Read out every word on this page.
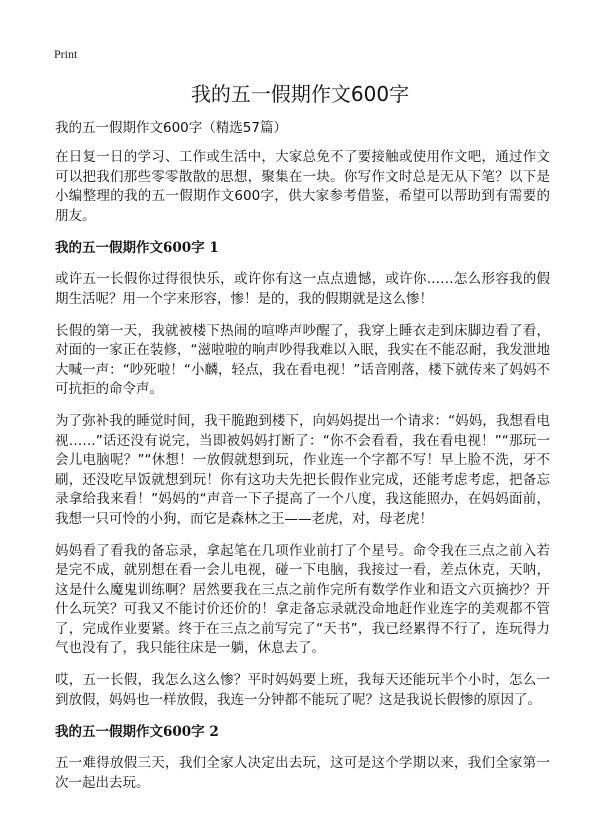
Print
我的五一假期作文600字
我的五一假期作文600字（精选57篇）

在日复一日的学习、工作或生活中，大家总免不了要接触或使用作文吧，通过作文可以把我们那些零零散散的思想，聚集在一块。你写作文时总是无从下笔？以下是小编整理的我的五一假期作文600字，供大家参考借鉴，希望可以帮助到有需要的朋友。

我的五一假期作文600字 1

或许五一长假你过得很快乐，或许你有这一点点遗憾，或许你……怎么形容我的假期生活呢？用一个字来形容，惨！是的，我的假期就是这么惨！

长假的第一天，我就被楼下热闹的喧哗声吵醒了，我穿上睡衣走到床脚边看了看，对面的一家正在装修，“滋啦啦的响声吵得我难以入眠，我实在不能忍耐，我发泄地大喊一声：“吵死啦！“小麟，轻点，我在看电视！”话音刚落，楼下就传来了妈妈不可抗拒的命令声。

为了弥补我的睡觉时间，我干脆跑到楼下，向妈妈提出一个请求：“妈妈，我想看电视……”话还没有说完，当即被妈妈打断了：“你不会看看，我在看电视！”“那玩一会儿电脑呢？”“休想！一放假就想到玩，作业连一个字都不写！早上脸不洗，牙不刷，还没吃早饭就想到玩！你有这功夫先把长假作业完成，还能考虑考虑，把备忘录拿给我来看！”妈妈的“声音一下子提高了一个八度，我这能照办，在妈妈面前，我想一只可怜的小狗，而它是森林之王——老虎，对，母老虎！

妈妈看了看我的备忘录，拿起笔在几项作业前打了个星号。命令我在三点之前入若是完不成，就别想在看一会儿电视，碰一下电脑，我接过一看，差点休克，天呐，这是什么魔鬼训练啊？居然要我在三点之前作完所有数学作业和语文六页摘抄？开什么玩笑？可我又不能讨价还价的！拿走备忘录就没命地赶作业连字的美观都不管了，完成作业要紧。终于在三点之前写完了“天书”，我已经累得不行了，连玩得力气也没有了，我只能往床是一躺，休息去了。

哎，五一长假，我怎么这么惨？平时妈妈要上班，我每天还能玩半个小时，怎么一到放假，妈妈也一样放假，我连一分钟都不能玩了呢？这是我说长假惨的原因了。

我的五一假期作文600字 2

五一难得放假三天，我们全家人决定出去玩，这可是这个学期以来，我们全家第一次一起出去玩。
